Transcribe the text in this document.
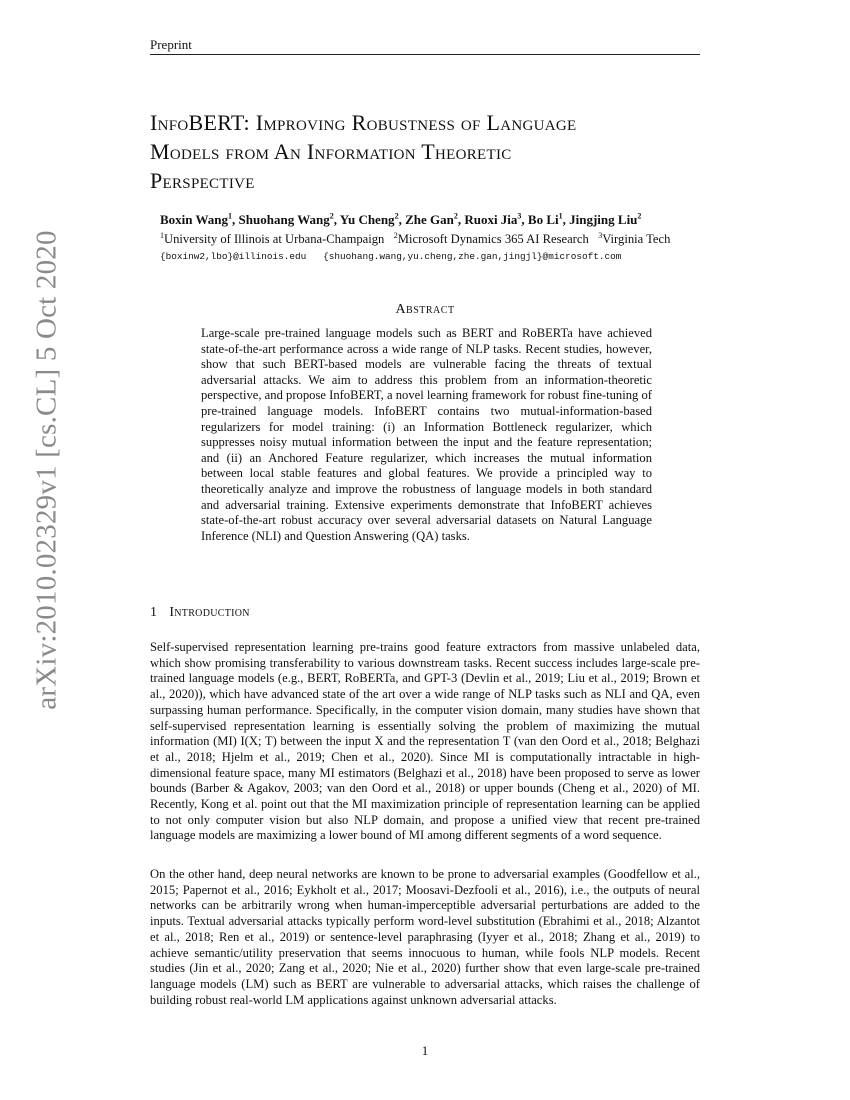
Preprint
arXiv:2010.02329v1 [cs.CL] 5 Oct 2020
InfoBERT: Improving Robustness of Language
Models from An Information Theoretic
Perspective
Boxin Wang$^1$, Shuohang Wang$^2$, Yu Cheng$^2$, Zhe Gan$^2$, Ruoxi Jia$^3$, Bo Li$^1$, Jingjing Liu$^2$
$^1$University of Illinois at Urbana-Champaign $^2$Microsoft Dynamics 365 AI Research $^3$Virginia Tech
{boxinw2,lbo}@illinois.edu   {shuohang.wang,yu.cheng,zhe.gan,jingjl}@microsoft.com
Abstract

Large-scale pre-trained language models such as BERT and RoBERTa have achieved state-of-the-art performance across a wide range of NLP tasks. Recent studies, however, show that such BERT-based models are vulnerable facing the threats of textual adversarial attacks. We aim to address this problem from an information-theoretic perspective, and propose InfoBERT, a novel learning framework for robust fine-tuning of pre-trained language models. InfoBERT contains two mutual-information-based regularizers for model training: (i) an Information Bottleneck regularizer, which suppresses noisy mutual information between the input and the feature representation; and (ii) an Anchored Feature regularizer, which increases the mutual information between local stable features and global features. We provide a principled way to theoretically analyze and improve the robustness of language models in both standard and adversarial training. Extensive experiments demonstrate that InfoBERT achieves state-of-the-art robust accuracy over several adversarial datasets on Natural Language Inference (NLI) and Question Answering (QA) tasks.

1 Introduction

Self-supervised representation learning pre-trains good feature extractors from massive unlabeled data, which show promising transferability to various downstream tasks. Recent success includes large-scale pre-trained language models (e.g., BERT, RoBERTa, and GPT-3 (Devlin et al., 2019; Liu et al., 2019; Brown et al., 2020)), which have advanced state of the art over a wide range of NLP tasks such as NLI and QA, even surpassing human performance. Specifically, in the computer vision domain, many studies have shown that self-supervised representation learning is essentially solving the problem of maximizing the mutual information (MI) I(X; T) between the input X and the representation T (van den Oord et al., 2018; Belghazi et al., 2018; Hjelm et al., 2019; Chen et al., 2020). Since MI is computationally intractable in high-dimensional feature space, many MI estimators (Belghazi et al., 2018) have been proposed to serve as lower bounds (Barber & Agakov, 2003; van den Oord et al., 2018) or upper bounds (Cheng et al., 2020) of MI. Recently, Kong et al. point out that the MI maximization principle of representation learning can be applied to not only computer vision but also NLP domain, and propose a unified view that recent pre-trained language models are maximizing a lower bound of MI among different segments of a word sequence.

On the other hand, deep neural networks are known to be prone to adversarial examples (Goodfellow et al., 2015; Papernot et al., 2016; Eykholt et al., 2017; Moosavi-Dezfooli et al., 2016), i.e., the outputs of neural networks can be arbitrarily wrong when human-imperceptible adversarial perturbations are added to the inputs. Textual adversarial attacks typically perform word-level substitution (Ebrahimi et al., 2018; Alzantot et al., 2018; Ren et al., 2019) or sentence-level paraphrasing (Iyyer et al., 2018; Zhang et al., 2019) to achieve semantic/utility preservation that seems innocuous to human, while fools NLP models. Recent studies (Jin et al., 2020; Zang et al., 2020; Nie et al., 2020) further show that even large-scale pre-trained language models (LM) such as BERT are vulnerable to adversarial attacks, which raises the challenge of building robust real-world LM applications against unknown adversarial attacks.

1
